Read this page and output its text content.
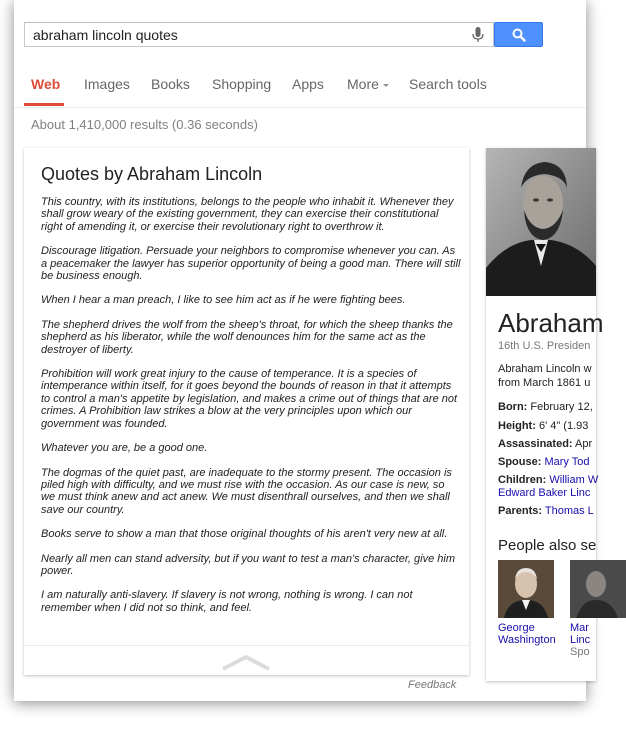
abraham lincoln quotes
Web Images Books Shopping Apps More	Search tools
About 1,410,000 results (0.36 seconds)
Quotes by Abraham Lincoln
This country, with its institutions, belongs to the people who inhabit it. Whenever they shall grow weary of the existing government, they can exercise their constitutional right of amending it, or exercise their revolutionary right to overthrow it.
Discourage litigation. Persuade your neighbors to compromise whenever you can. As a peacemaker the lawyer has superior opportunity of being a good man. There will still be business enough.
When I hear a man preach, I like to see him act as if he were fighting bees.
The shepherd drives the wolf from the sheep's throat, for which the sheep thanks the shepherd as his liberator, while the wolf denounces him for the same act as the destroyer of liberty.
Prohibition will work great injury to the cause of temperance. It is a species of intemperance within itself, for it goes beyond the bounds of reason in that it attempts to control a man's appetite by legislation, and makes a crime out of things that are not crimes. A Prohibition law strikes a blow at the very principles upon which our government was founded.
Whatever you are, be a good one.
The dogmas of the quiet past, are inadequate to the stormy present. The occasion is piled high with difficulty, and we must rise with the occasion. As our case is new, so we must think anew and act anew. We must disenthrall ourselves, and then we shall save our country.
Books serve to show a man that those original thoughts of his aren't very new at all.
Nearly all men can stand adversity, but if you want to test a man's character, give him power.
I am naturally anti-slavery. If slavery is not wrong, nothing is wrong. I can not remember when I did not so think, and feel.
Feedback
Abraham
16th U.S. Presiden
Abraham Lincoln w
from March 1861 u
Born: February 12,
Height: 6' 4" (1.93
Assassinated: Apr
Spouse: Mary Tod
Children: William W
Edward Baker Linc
Parents: Thomas L
People also se
George
Washington
Mar
Linc
Spo
